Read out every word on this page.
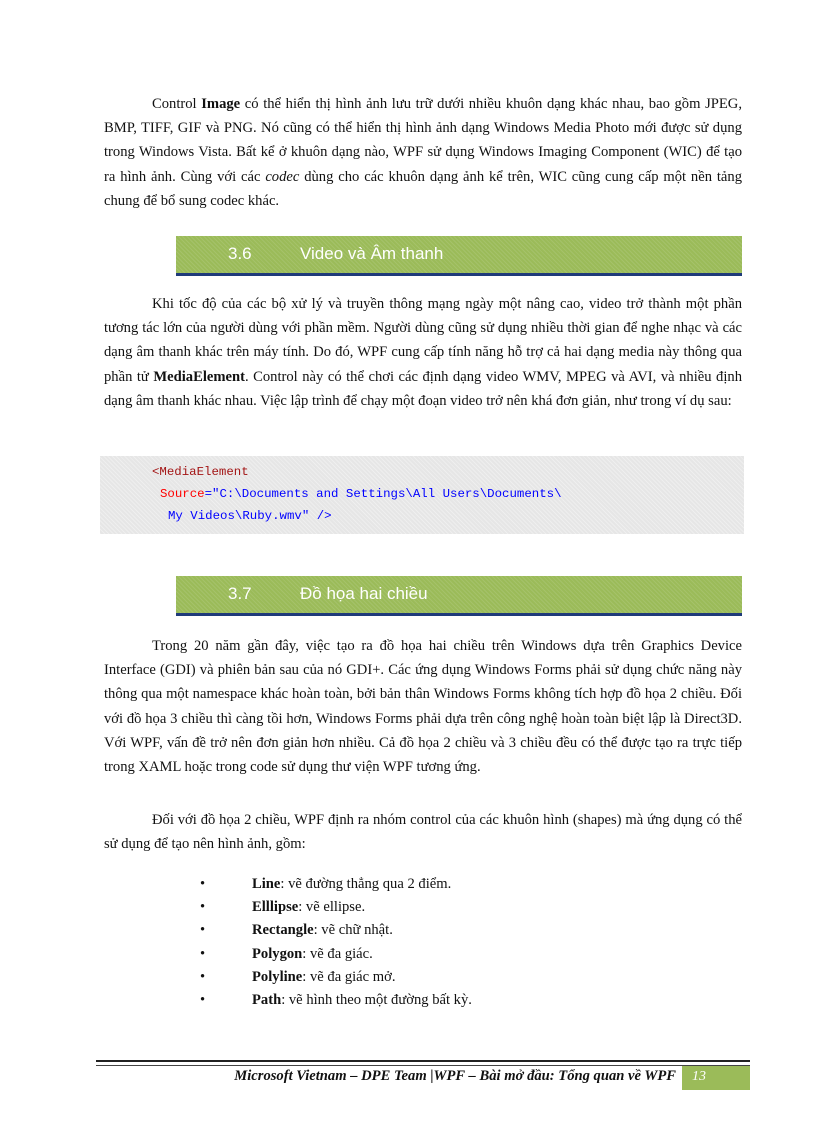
Control Image có thể hiển thị hình ảnh lưu trữ dưới nhiều khuôn dạng khác nhau, bao gồm JPEG, BMP, TIFF, GIF và PNG. Nó cũng có thể hiển thị hình ảnh dạng Windows Media Photo mới được sử dụng trong Windows Vista. Bất kể ở khuôn dạng nào, WPF sử dụng Windows Imaging Component (WIC) để tạo ra hình ảnh. Cùng với các codec dùng cho các khuôn dạng ảnh kể trên, WIC cũng cung cấp một nền tảng chung để bổ sung codec khác.

3.6	Video và Âm thanh

Khi tốc độ của các bộ xử lý và truyền thông mạng ngày một nâng cao, video trở thành một phần tương tác lớn của người dùng với phần mềm. Người dùng cũng sử dụng nhiều thời gian để nghe nhạc và các dạng âm thanh khác trên máy tính. Do đó, WPF cung cấp tính năng hỗ trợ cả hai dạng media này thông qua phần tử MediaElement. Control này có thể chơi các định dạng video WMV, MPEG và AVI, và nhiều định dạng âm thanh khác nhau. Việc lập trình để chạy một đoạn video trở nên khá đơn giản, như trong ví dụ sau:

<MediaElement
Source="C:\Documents and Settings\All Users\Documents\
My Videos\Ruby.wmv" />
3.7	Đồ họa hai chiều

Trong 20 năm gần đây, việc tạo ra đồ họa hai chiều trên Windows dựa trên Graphics Device Interface (GDI) và phiên bản sau của nó GDI+. Các ứng dụng Windows Forms phải sử dụng chức năng này thông qua một namespace khác hoàn toàn, bởi bản thân Windows Forms không tích hợp đồ họa 2 chiều. Đối với đồ họa 3 chiều thì càng tồi hơn, Windows Forms phải dựa trên công nghệ hoàn toàn biệt lập là Direct3D. Với WPF, vấn đề trở nên đơn giản hơn nhiều. Cả đồ họa 2 chiều và 3 chiều đều có thể được tạo ra trực tiếp trong XAML hoặc trong code sử dụng thư viện WPF tương ứng.

Đối với đồ họa 2 chiều, WPF định ra nhóm control của các khuôn hình (shapes) mà ứng dụng có thể sử dụng để tạo nên hình ảnh, gồm:

•	Line: vẽ đường thẳng qua 2 điểm.
•	Elllipse: vẽ ellipse.
•	Rectangle: vẽ chữ nhật.
•	Polygon: vẽ đa giác.
•	Polyline: vẽ đa giác mở.
•	Path: vẽ hình theo một đường bất kỳ.
Microsoft Vietnam – DPE Team |WPF – Bài mở đầu: Tổng quan về WPF	13
